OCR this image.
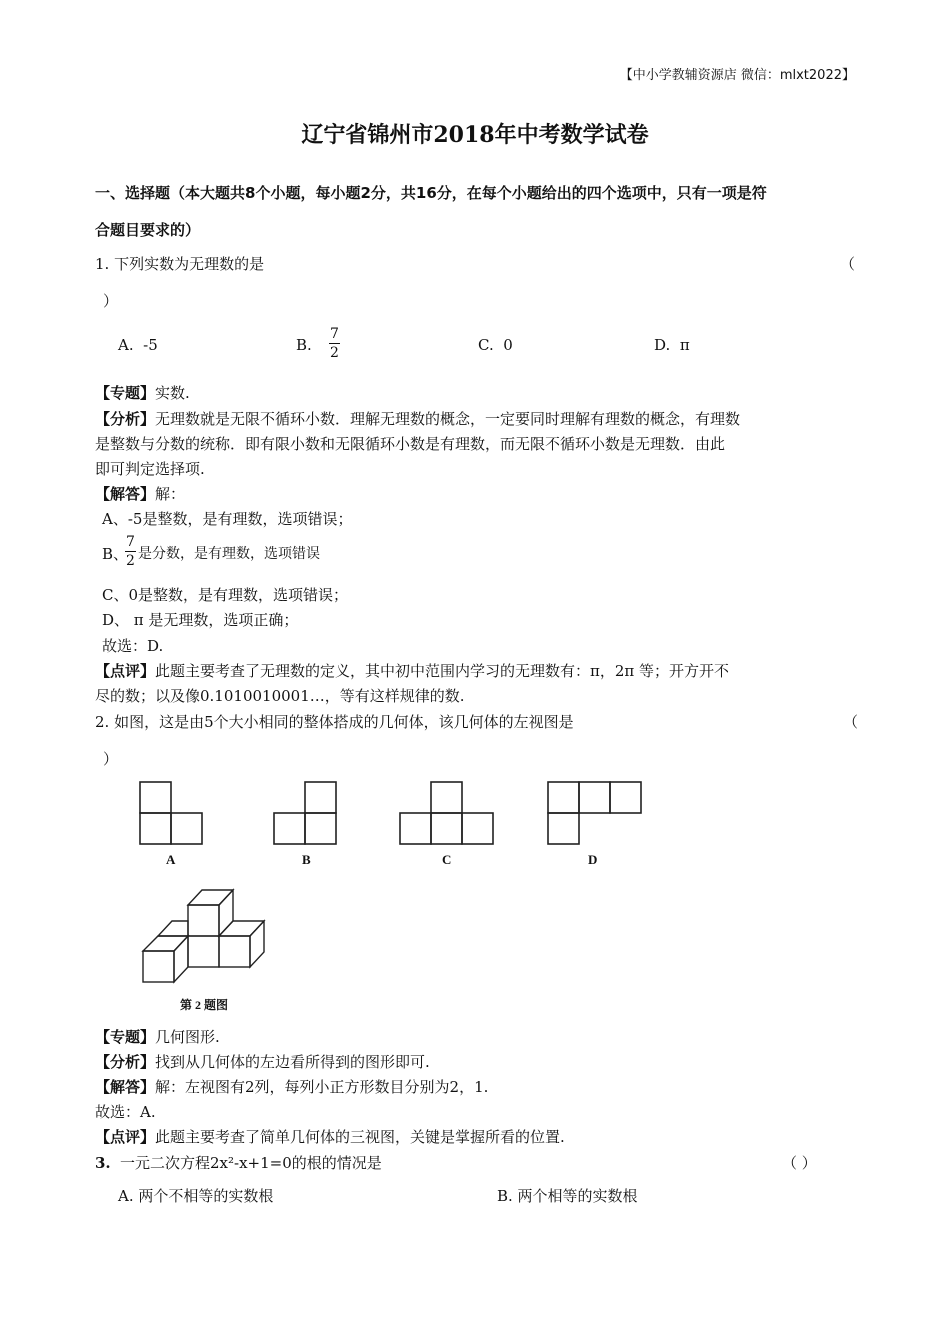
【中小学教辅资源店 微信：mlxt2022】
辽宁省锦州市2018年中考数学试卷
一、选择题（本大题共8个小题，每小题2分，共16分，在每个小题给出的四个选项中，只有一项是符
合题目要求的）
1. 下列实数为无理数的是	（
）
A. -5	B.
7
2	C. 0	D. π
【专题】实数.
【分析】无理数就是无限不循环小数．理解无理数的概念，一定要同时理解有理数的概念，有理数
是整数与分数的统称．即有限小数和无限循环小数是有理数，而无限不循环小数是无理数．由此
即可判定选择项.
【解答】解：
A、-5是整数，是有理数，选项错误；
B、
7
2 是分数，是有理数，选项错误
C、0是整数，是有理数，选项错误；
D、 π 是无理数，选项正确；
故选：D.
【点评】此题主要考查了无理数的定义，其中初中范围内学习的无理数有：π，2π 等；开方开不
尽的数；以及像0.1010010001…，等有这样规律的数.
2. 如图，这是由5个大小相同的整体搭成的几何体，该几何体的左视图是	（
）
A	B	C	D
第 2 题图
【专题】几何图形.
【分析】找到从几何体的左边看所得到的图形即可.
【解答】解：左视图有2列，每列小正方形数目分别为2，1.
故选：A.
【点评】此题主要考查了简单几何体的三视图，关键是掌握所看的位置.
3. 一元二次方程2x²-x+1=0的根的情况是	（ ）
A. 两个不相等的实数根	B. 两个相等的实数根
